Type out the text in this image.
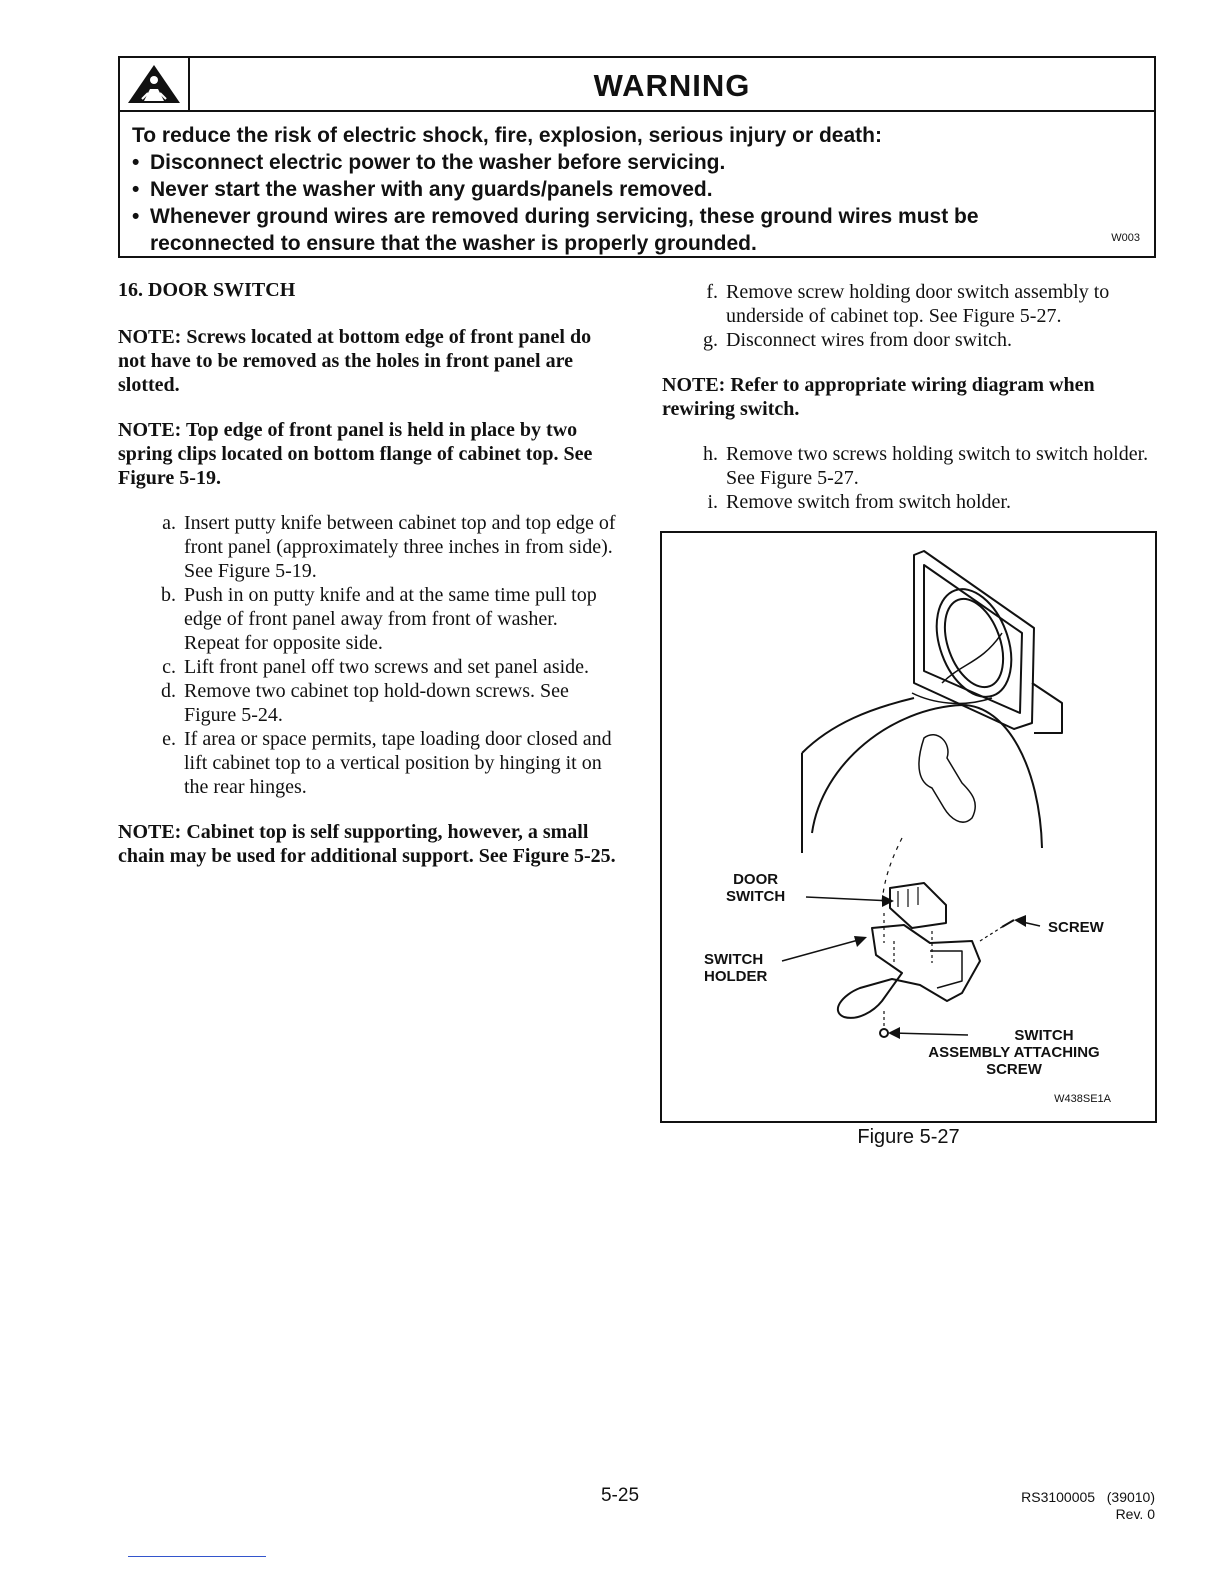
WARNING
To reduce the risk of electric shock, fire, explosion, serious injury or death:
• Disconnect electric power to the washer before servicing.
• Never start the washer with any guards/panels removed.
• Whenever ground wires are removed during servicing, these ground wires must be
reconnected to ensure that the washer is properly grounded.	W003
16. DOOR SWITCH
NOTE: Screws located at bottom edge of front panel do not have to be removed as the holes in front panel are slotted.
NOTE: Top edge of front panel is held in place by two spring clips located on bottom flange of cabinet top. See Figure 5-19.
a. Insert putty knife between cabinet top and top edge of front panel (approximately three inches in from side). See Figure 5-19.
b. Push in on putty knife and at the same time pull top edge of front panel away from front of washer. Repeat for opposite side.
c. Lift front panel off two screws and set panel aside.
d. Remove two cabinet top hold-down screws. See Figure 5-24.
e. If area or space permits, tape loading door closed and lift cabinet top to a vertical position by hinging it on the rear hinges.
NOTE: Cabinet top is self supporting, however, a small chain may be used for additional support. See Figure 5-25.
f. Remove screw holding door switch assembly to underside of cabinet top. See Figure 5-27.
g. Disconnect wires from door switch.
NOTE: Refer to appropriate wiring diagram when rewiring switch.
h. Remove two screws holding switch to switch holder. See Figure 5-27.
i. Remove switch from switch holder.
DOOR
SWITCH
SWITCH
HOLDER
SCREW
SWITCH
ASSEMBLY ATTACHING
SCREW
W438SE1A
Figure 5-27
5-25	RS3100005   (39010)
Rev. 0
